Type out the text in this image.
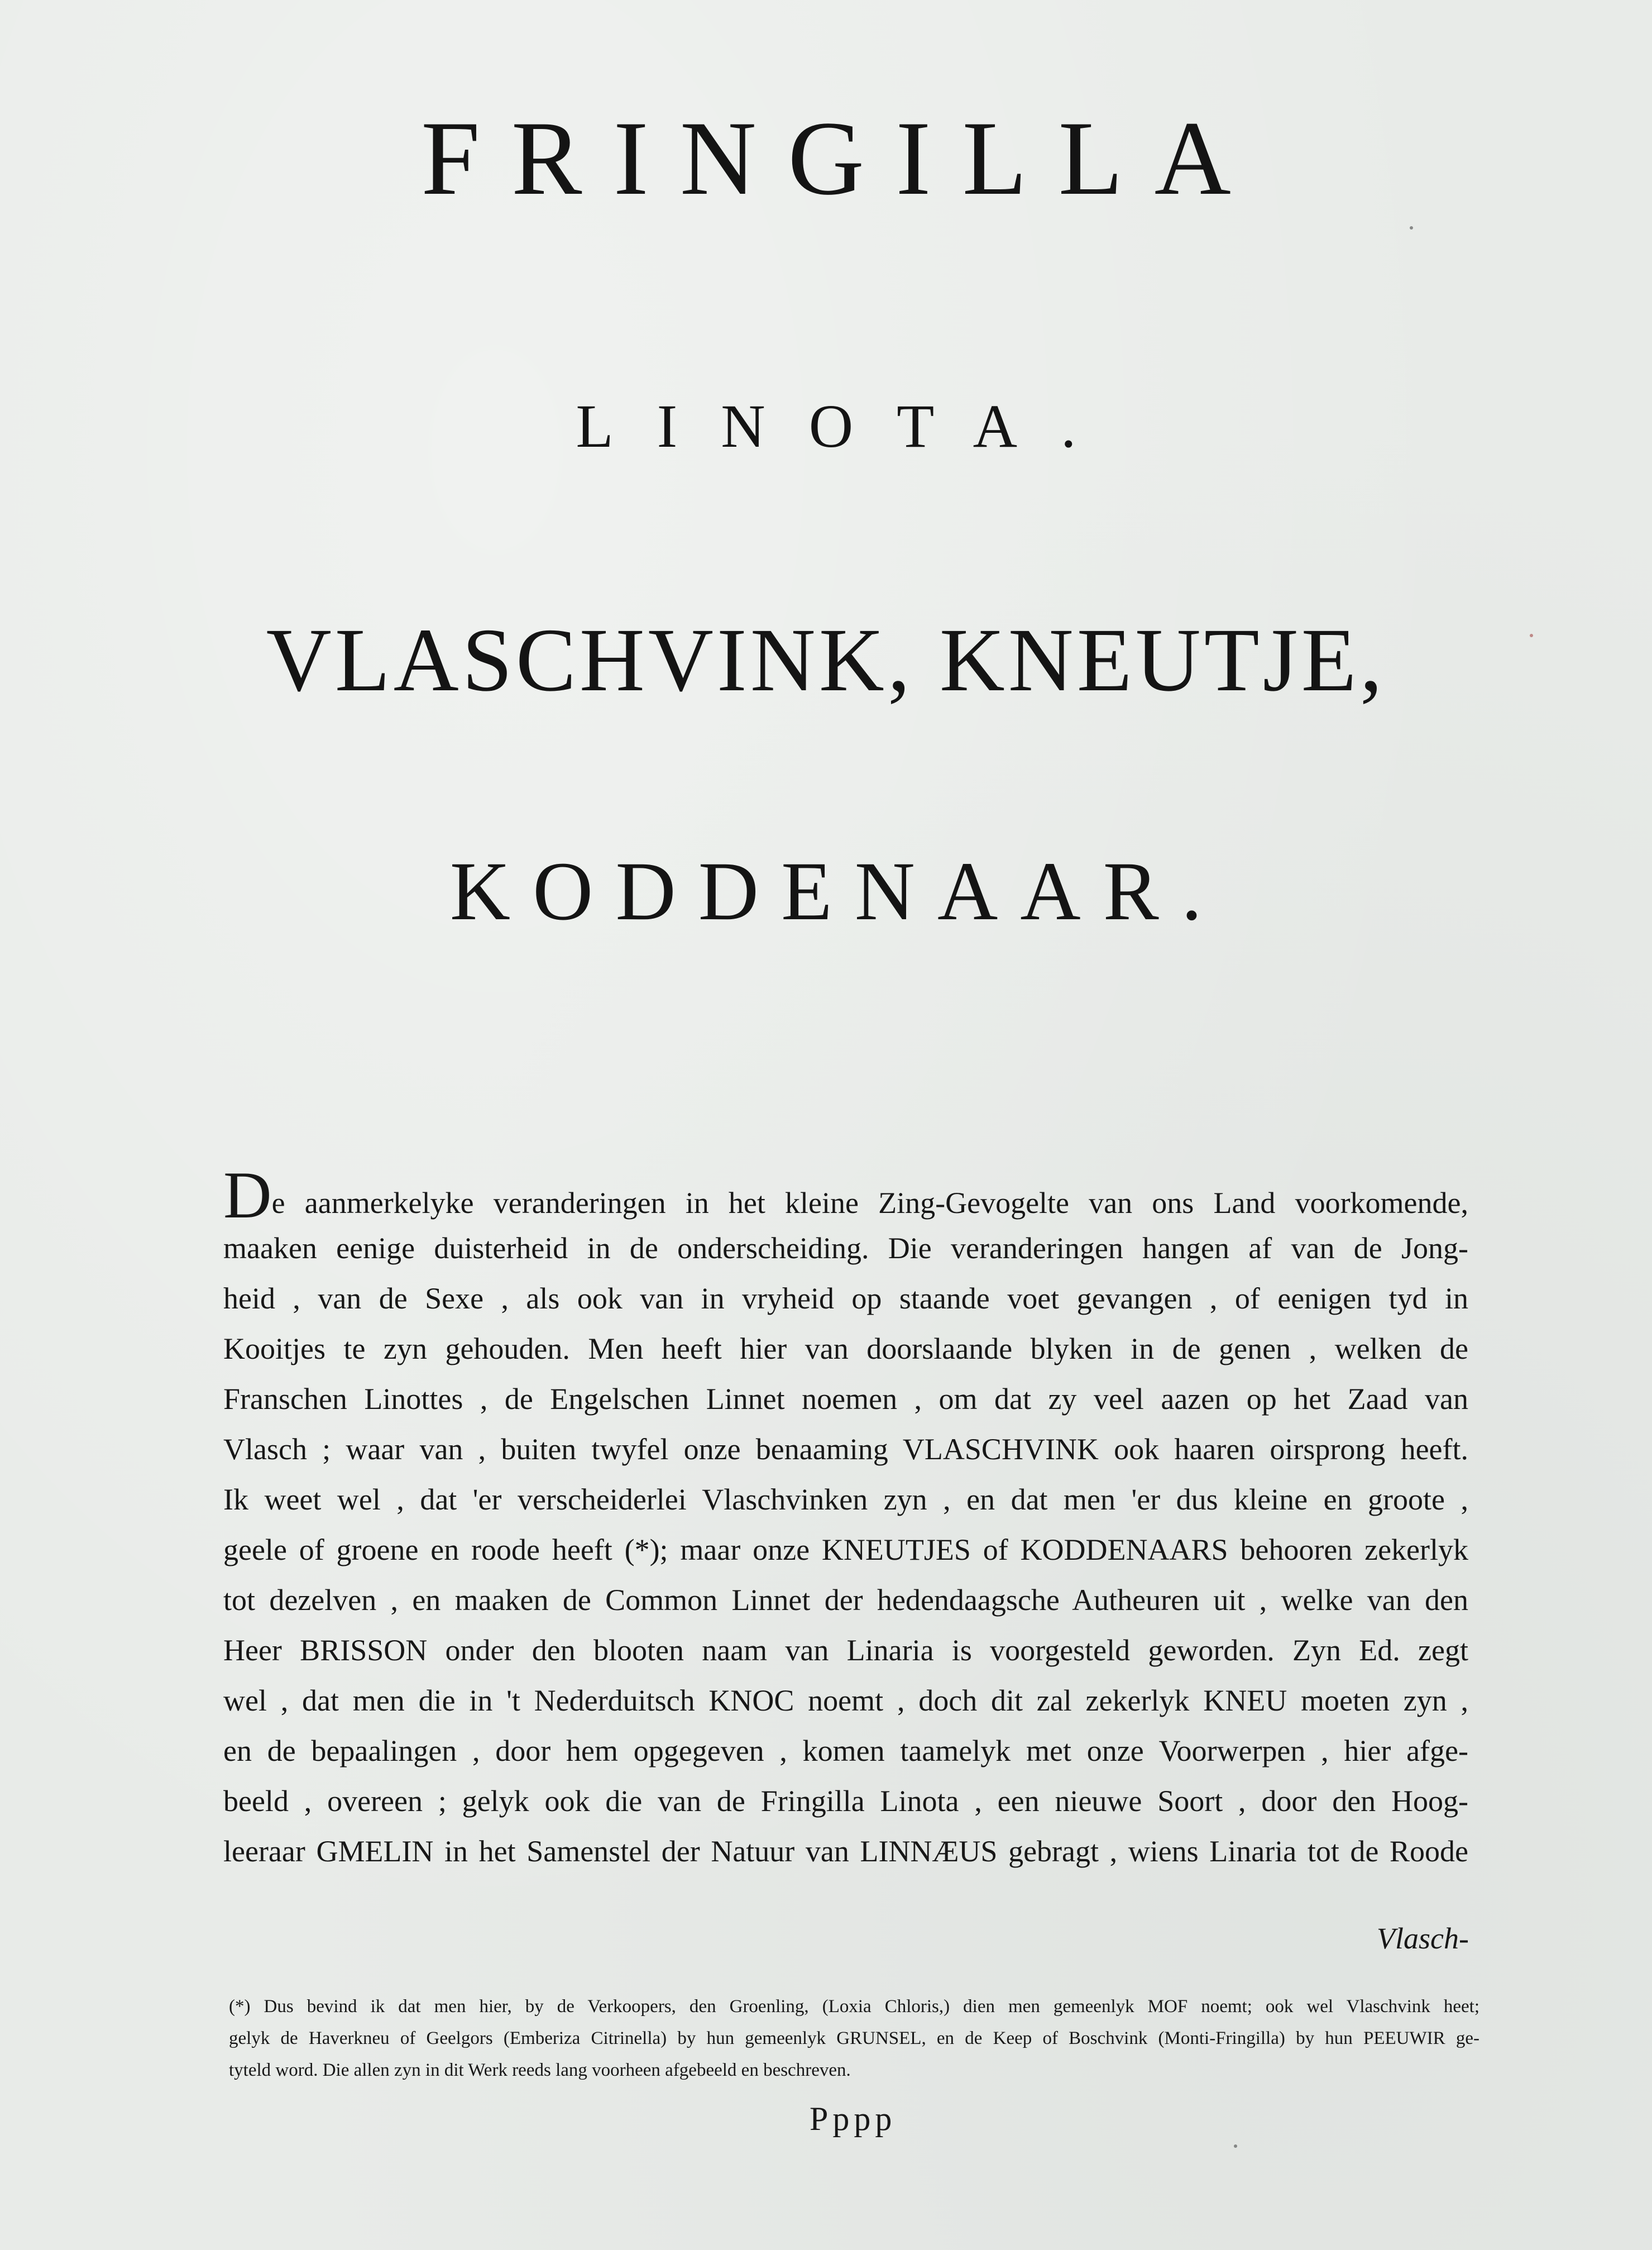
FRINGILLA
LINOTA.
VLASCHVINK, KNEUTJE,
KODDENAAR.
De aanmerkelyke veranderingen in het kleine Zing-Gevogelte van ons Land voorkomende,
maaken eenige duisterheid in de onderscheiding. Die veranderingen hangen af van de Jong-
heid , van de Sexe , als ook van in vryheid op staande voet gevangen , of eenigen tyd in
Kooitjes te zyn gehouden. Men heeft hier van doorslaande blyken in de genen , welken de
Franschen Linottes , de Engelschen Linnet noemen , om dat zy veel aazen op het Zaad van
Vlasch ; waar van , buiten twyfel onze benaaming VLASCHVINK ook haaren oirsprong heeft.
Ik weet wel , dat 'er verscheiderlei Vlaschvinken zyn , en dat men 'er dus kleine en groote ,
geele of groene en roode heeft (*); maar onze KNEUTJES of KODDENAARS behooren zekerlyk
tot dezelven , en maaken de Common Linnet der hedendaagsche Autheuren uit , welke van den
Heer BRISSON onder den blooten naam van Linaria is voorgesteld geworden. Zyn Ed. zegt
wel , dat men die in 't Nederduitsch KNOC noemt , doch dit zal zekerlyk KNEU moeten zyn ,
en de bepaalingen , door hem opgegeven , komen taamelyk met onze Voorwerpen , hier afge-
beeld , overeen ; gelyk ook die van de Fringilla Linota , een nieuwe Soort , door den Hoog-
leeraar GMELIN in het Samenstel der Natuur van LINNÆUS gebragt , wiens Linaria tot de Roode
Vlasch-
(*) Dus bevind ik dat men hier, by de Verkoopers, den Groenling, (Loxia Chloris,) dien men gemeenlyk MOF noemt; ook wel Vlaschvink heet;
gelyk de Haverkneu of Geelgors (Emberiza Citrinella) by hun gemeenlyk GRUNSEL, en de Keep of Boschvink (Monti-Fringilla) by hun PEEUWIR ge-
tyteld word. Die allen zyn in dit Werk reeds lang voorheen afgebeeld en beschreven.
Pppp
